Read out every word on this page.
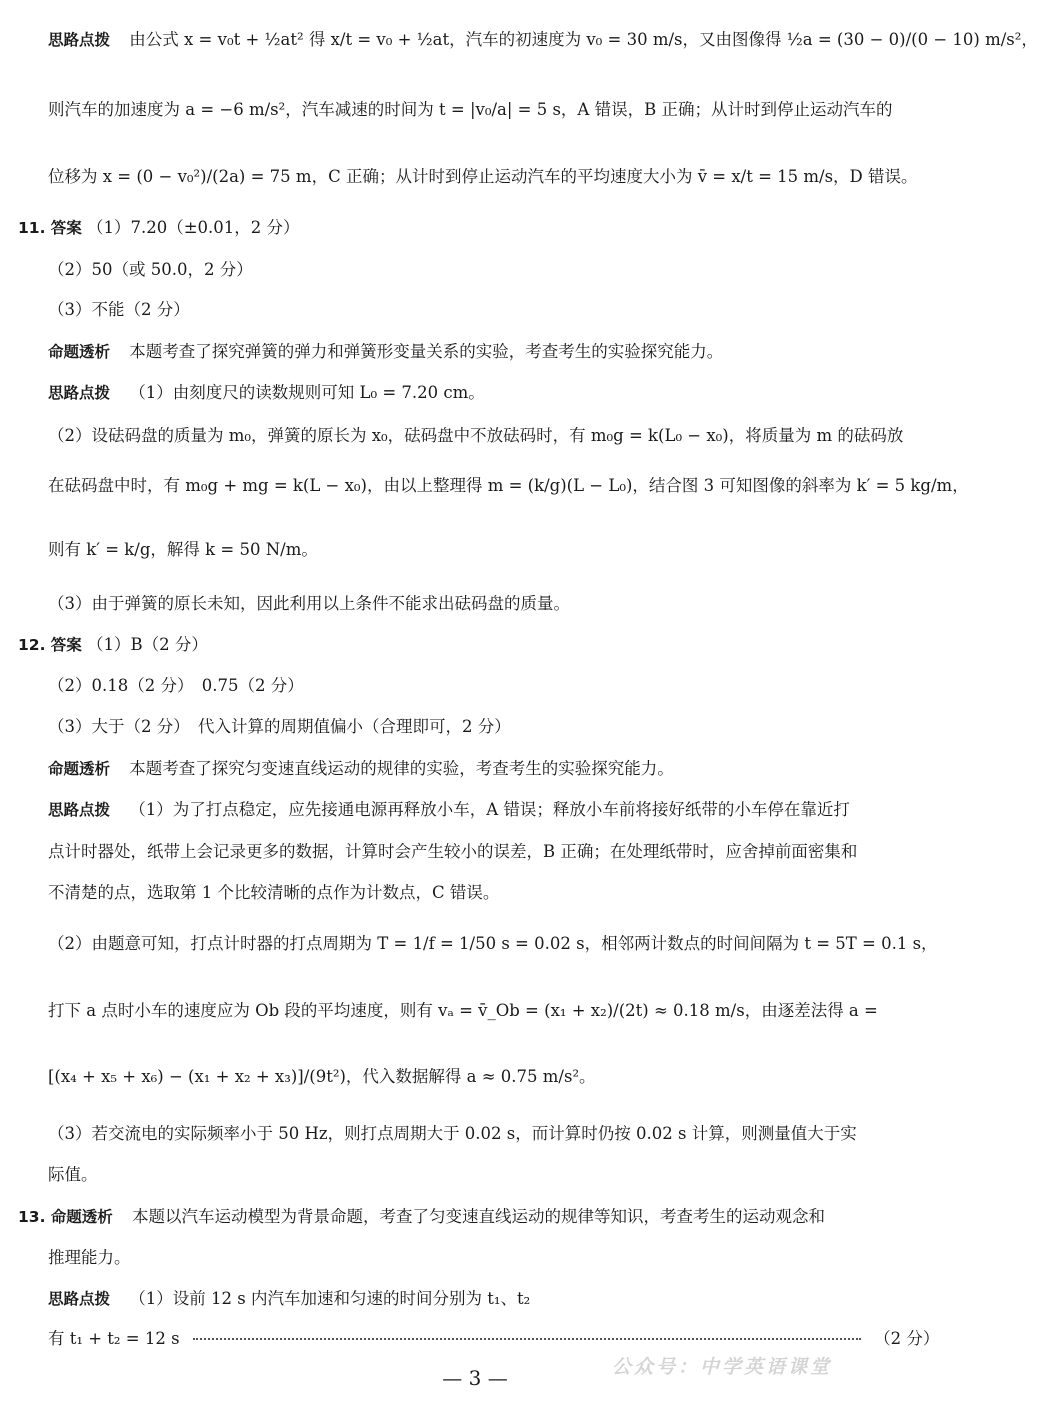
思路点拨 由公式 x = v₀t + ½at² 得 x/t = v₀ + ½at，汽车的初速度为 v₀ = 30 m/s，又由图像得 ½a = (30 − 0)/(0 − 10) m/s²，
则汽车的加速度为 a = −6 m/s²，汽车减速的时间为 t = |v₀/a| = 5 s，A 错误，B 正确；从计时到停止运动汽车的
位移为 x = (0 − v₀²)/(2a) = 75 m，C 正确；从计时到停止运动汽车的平均速度大小为 v̄ = x/t = 15 m/s，D 错误。
11. 答案 （1）7.20（±0.01，2 分）
（2）50（或 50.0，2 分）
（3）不能（2 分）
命题透析 本题考查了探究弹簧的弹力和弹簧形变量关系的实验，考查考生的实验探究能力。
思路点拨 （1）由刻度尺的读数规则可知 L₀ = 7.20 cm。
（2）设砝码盘的质量为 m₀，弹簧的原长为 x₀，砝码盘中不放砝码时，有 m₀g = k(L₀ − x₀)，将质量为 m 的砝码放
在砝码盘中时，有 m₀g + mg = k(L − x₀)，由以上整理得 m = (k/g)(L − L₀)，结合图 3 可知图像的斜率为 k′ = 5 kg/m，
则有 k′ = k/g，解得 k = 50 N/m。
（3）由于弹簧的原长未知，因此利用以上条件不能求出砝码盘的质量。
12. 答案 （1）B（2 分）
（2）0.18（2 分）　0.75（2 分）
（3）大于（2 分）　代入计算的周期值偏小（合理即可，2 分）
命题透析 本题考查了探究匀变速直线运动的规律的实验，考查考生的实验探究能力。
思路点拨 （1）为了打点稳定，应先接通电源再释放小车，A 错误；释放小车前将接好纸带的小车停在靠近打
点计时器处，纸带上会记录更多的数据，计算时会产生较小的误差，B 正确；在处理纸带时，应舍掉前面密集和
不清楚的点，选取第 1 个比较清晰的点作为计数点，C 错误。
（2）由题意可知，打点计时器的打点周期为 T = 1/f = 1/50 s = 0.02 s，相邻两计数点的时间间隔为 t = 5T = 0.1 s，
打下 a 点时小车的速度应为 Ob 段的平均速度，则有 vₐ = v̄_Ob = (x₁ + x₂)/(2t) ≈ 0.18 m/s，由逐差法得 a =
[(x₄ + x₅ + x₆) − (x₁ + x₂ + x₃)]/(9t²)，代入数据解得 a ≈ 0.75 m/s²。
（3）若交流电的实际频率小于 50 Hz，则打点周期大于 0.02 s，而计算时仍按 0.02 s 计算，则测量值大于实
际值。
13. 命题透析 本题以汽车运动模型为背景命题，考查了匀变速直线运动的规律等知识，考查考生的运动观念和
推理能力。
思路点拨 （1）设前 12 s 内汽车加速和匀速的时间分别为 t₁、t₂
有 t₁ + t₂ = 12 s	（2 分）
公众号：中学英语课堂
— 3 —
